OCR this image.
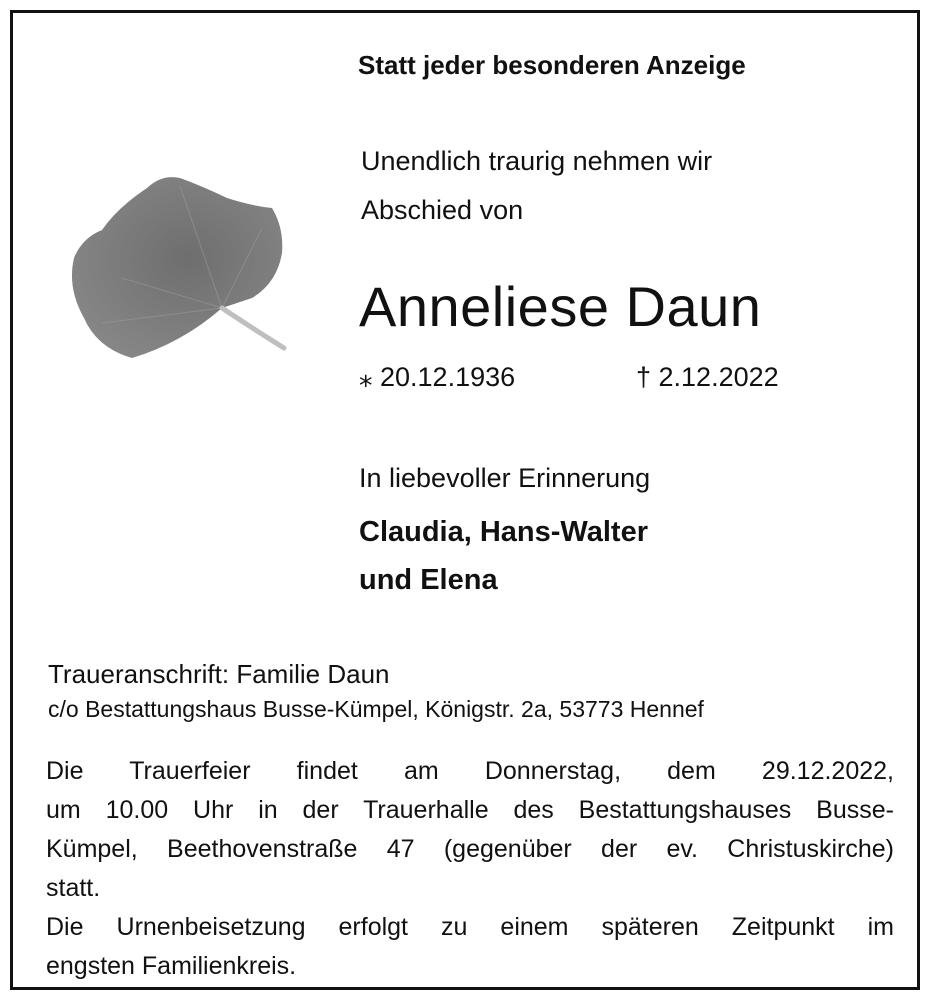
Statt jeder besonderen Anzeige
Unendlich traurig nehmen wir
Abschied von
Anneliese Daun
⁎ 20.12.1936	† 2.12.2022
In liebevoller Erinnerung
Claudia, Hans-Walter
und Elena
Traueranschrift: Familie Daun
c/o Bestattungshaus Busse-Kümpel, Königstr. 2a, 53773 Hennef

Die Trauerfeier findet am Donnerstag, dem 29.12.2022,

um 10.00 Uhr in der Trauerhalle des Bestattungshauses Busse-

Kümpel, Beethovenstraße 47 (gegenüber der ev. Christuskirche)

statt.

Die Urnenbeisetzung erfolgt zu einem späteren Zeitpunkt im

engsten Familienkreis.
